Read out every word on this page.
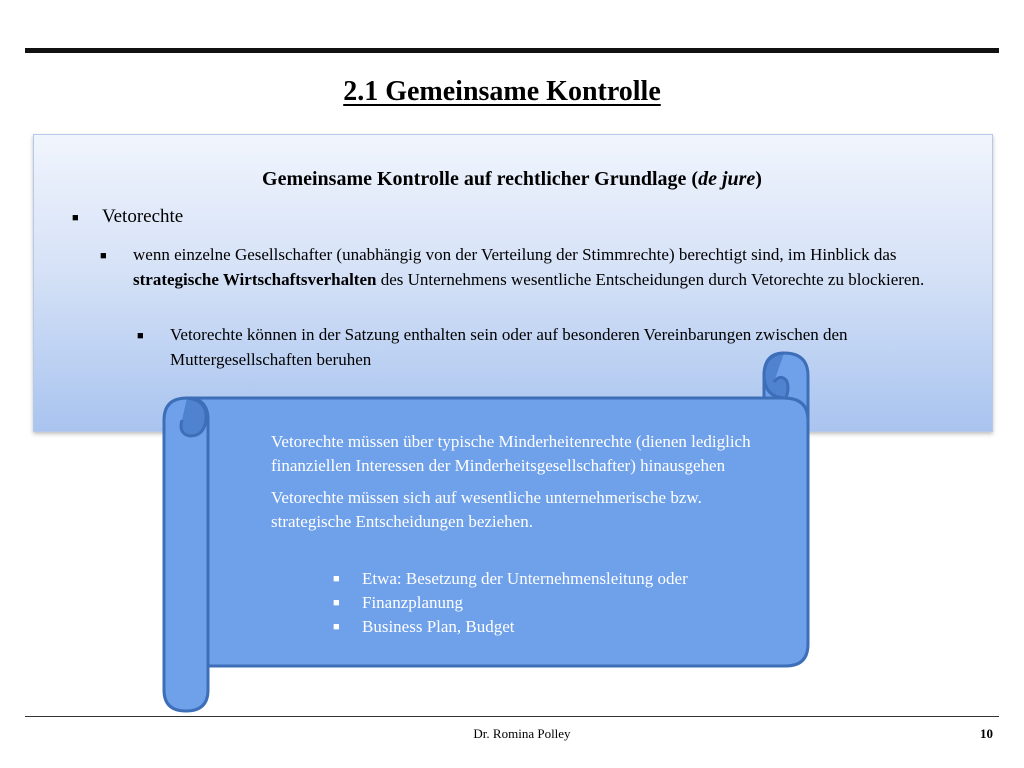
2.1 Gemeinsame Kontrolle
Gemeinsame Kontrolle auf rechtlicher Grundlage (de jure)
■ Vetorechte
■ wenn einzelne Gesellschafter (unabhängig von der Verteilung der Stimmrechte) berechtigt sind, im Hinblick das strategische Wirtschaftsverhalten des Unternehmens wesentliche Entscheidungen durch Vetorechte zu blockieren.
■ Vetorechte können in der Satzung enthalten sein oder auf besonderen Vereinbarungen zwischen den Muttergesellschaften beruhen

Vetorechte müssen über typische Minderheitenrechte (dienen lediglich finanziellen Interessen der Minderheitsgesellschafter) hinausgehen

Vetorechte müssen sich auf wesentliche unternehmerische bzw. strategische Entscheidungen beziehen.

■ Etwa: Besetzung der Unternehmensleitung oder
■ Finanzplanung
■ Business Plan, Budget
Dr. Romina Polley	10
